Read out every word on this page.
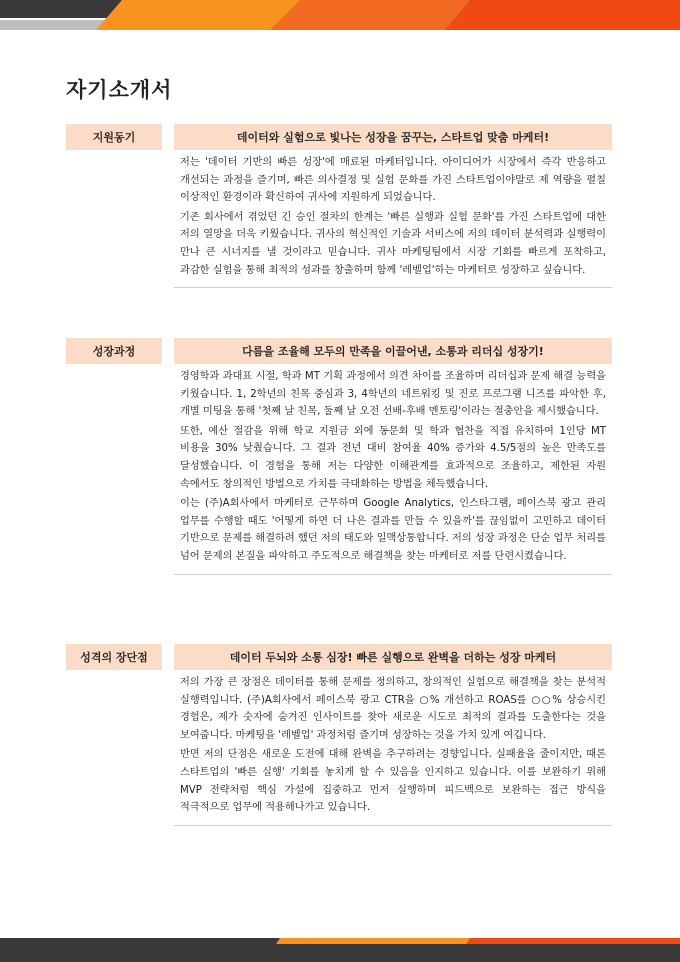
자기소개서
지원동기	데이터와 실험으로 빛나는 성장을 꿈꾸는, 스타트업 맞춤 마케터!

저는 '데이터 기반의 빠른 성장'에 매료된 마케터입니다. 아이디어가 시장에서 즉각 반응하고 개선되는 과정을 즐기며, 빠른 의사결정 및 실험 문화를 가진 스타트업이야말로 제 역량을 펼칠 이상적인 환경이라 확신하여 귀사에 지원하게 되었습니다.

기존 회사에서 겪었던 긴 승인 절차의 한계는 '빠른 실행과 실험 문화'를 가진 스타트업에 대한 저의 열망을 더욱 키웠습니다. 귀사의 혁신적인 기술과 서비스에 저의 데이터 분석력과 실행력이 만나 큰 시너지를 낼 것이라고 믿습니다. 귀사 마케팅팀에서 시장 기회를 빠르게 포착하고, 과감한 실험을 통해 최적의 성과를 창출하며 함께 '레벨업'하는 마케터로 성장하고 싶습니다.

성장과정	다름을 조율해 모두의 만족을 이끌어낸, 소통과 리더십 성장기!

경영학과 과대표 시절, 학과 MT 기획 과정에서 의견 차이를 조율하며 리더십과 문제 해결 능력을 키웠습니다. 1, 2학년의 친목 중심과 3, 4학년의 네트워킹 및 진로 프로그램 니즈를 파악한 후, 개별 미팅을 통해 '첫째 날 친목, 둘째 날 오전 선배-후배 멘토링'이라는 절충안을 제시했습니다.

또한, 예산 절감을 위해 학교 지원금 외에 동문회 및 학과 협찬을 직접 유치하여 1인당 MT 비용을 30% 낮췄습니다. 그 결과 전년 대비 참여율 40% 증가와 4.5/5점의 높은 만족도를 달성했습니다. 이 경험을 통해 저는 다양한 이해관계를 효과적으로 조율하고, 제한된 자원 속에서도 창의적인 방법으로 가치를 극대화하는 방법을 체득했습니다.

이는 (주)A회사에서 마케터로 근무하며 Google Analytics, 인스타그램, 페이스북 광고 관리 업무를 수행할 때도 '어떻게 하면 더 나은 결과를 만들 수 있을까'를 끊임없이 고민하고 데이터 기반으로 문제를 해결하려 했던 저의 태도와 일맥상통합니다. 저의 성장 과정은 단순 업무 처리를 넘어 문제의 본질을 파악하고 주도적으로 해결책을 찾는 마케터로 저를 단련시켰습니다.

성격의 장단점	데이터 두뇌와 소통 심장! 빠른 실행으로 완벽을 더하는 성장 마케터

저의 가장 큰 장점은 데이터를 통해 문제를 정의하고, 창의적인 실험으로 해결책을 찾는 분석적 실행력입니다. (주)A회사에서 페이스북 광고 CTR을 ○% 개선하고 ROAS를 ○○% 상승시킨 경험은, 제가 숫자에 숨겨진 인사이트를 찾아 새로운 시도로 최적의 결과를 도출한다는 것을 보여줍니다. 마케팅을 '레벨업' 과정처럼 즐기며 성장하는 것을 가치 있게 여깁니다.

반면 저의 단점은 새로운 도전에 대해 완벽을 추구하려는 경향입니다. 실패율을 줄이지만, 때론 스타트업의 '빠른 실행' 기회를 놓치게 할 수 있음을 인지하고 있습니다. 이를 보완하기 위해 MVP 전략처럼 핵심 가설에 집중하고 먼저 실행하며 피드백으로 보완하는 접근 방식을 적극적으로 업무에 적용해나가고 있습니다.
